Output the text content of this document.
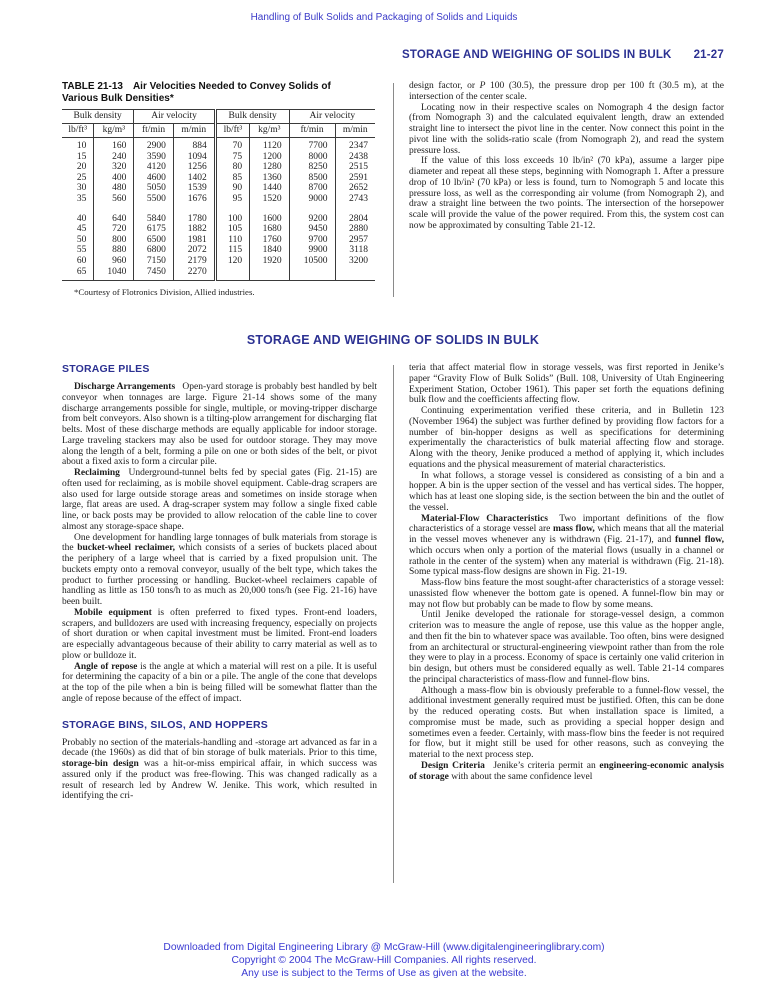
Handling of Bulk Solids and Packaging of Solids and Liquids
STORAGE AND WEIGHING OF SOLIDS IN BULK 21-27
TABLE 21-13 Air Velocities Needed to Convey Solids of Various Bulk Densities*
Bulk density		Air velocity		Bulk density		Air velocity	
lb/ft³	kg/m³	ft/min	m/min	lb/ft³	kg/m³	ft/min	m/min
10	160	2900	884	70	1120	7700	2347
15	240	3590	1094	75	1200	8000	2438
20	320	4120	1256	80	1280	8250	2515
25	400	4600	1402	85	1360	8500	2591
30	480	5050	1539	90	1440	8700	2652
35	560	5500	1676	95	1520	9000	2743
40	640	5840	1780	100	1600	9200	2804
45	720	6175	1882	105	1680	9450	2880
50	800	6500	1981	110	1760	9700	2957
55	880	6800	2072	115	1840	9900	3118
60	960	7150	2179	120	1920	10500	3200
65	1040	7450	2270				
*Courtesy of Flotronics Division, Allied industries.

design factor, or P 100 (30.5), the pressure drop per 100 ft (30.5 m), at the intersection of the center scale.

Locating now in their respective scales on Nomograph 4 the design factor (from Nomograph 3) and the calculated equivalent length, draw an extended straight line to intersect the pivot line in the center. Now connect this point in the pivot line with the solids-ratio scale (from Nomograph 2), and read the system pressure loss.

If the value of this loss exceeds 10 lb/in² (70 kPa), assume a larger pipe diameter and repeat all these steps, beginning with Nomograph 1. After a pressure drop of 10 lb/in² (70 kPa) or less is found, turn to Nomograph 5 and locate this pressure loss, as well as the corresponding air volume (from Nomograph 2), and draw a straight line between the two points. The intersection of the horsepower scale will provide the value of the power required. From this, the system cost can now be approximated by consulting Table 21-12.

STORAGE AND WEIGHING OF SOLIDS IN BULK
STORAGE PILES

Discharge Arrangements  Open-yard storage is probably best handled by belt conveyor when tonnages are large. Figure 21-14 shows some of the many discharge arrangements possible for single, multiple, or moving-tripper discharge from belt conveyors. Also shown is a tilting-plow arrangement for discharging flat belts. Most of these discharge methods are equally applicable for indoor storage. Large traveling stackers may also be used for outdoor storage. They may move along the length of a belt, forming a pile on one or both sides of the belt, or pivot about a fixed axis to form a circular pile.

Reclaiming  Underground-tunnel belts fed by special gates (Fig. 21-15) are often used for reclaiming, as is mobile shovel equipment. Cable-drag scrapers are also used for large outside storage areas and sometimes on inside storage when large, flat areas are used. A drag-scraper system may follow a single fixed cable line, or back posts may be provided to allow relocation of the cable line to cover almost any storage-space shape.

One development for handling large tonnages of bulk materials from storage is the bucket-wheel reclaimer, which consists of a series of buckets placed about the periphery of a large wheel that is carried by a fixed propulsion unit. The buckets empty onto a removal conveyor, usually of the belt type, which takes the product to further processing or handling. Bucket-wheel reclaimers capable of handling as little as 150 tons/h to as much as 20,000 tons/h (see Fig. 21-16) have been built.

Mobile equipment is often preferred to fixed types. Front-end loaders, scrapers, and bulldozers are used with increasing frequency, especially on projects of short duration or when capital investment must be limited. Front-end loaders are especially advantageous because of their ability to carry material as well as to plow or bulldoze it.

Angle of repose is the angle at which a material will rest on a pile. It is useful for determining the capacity of a bin or a pile. The angle of the cone that develops at the top of the pile when a bin is being filled will be somewhat flatter than the angle of repose because of the effect of impact.

STORAGE BINS, SILOS, AND HOPPERS

Probably no section of the materials-handling and -storage art advanced as far in a decade (the 1960s) as did that of bin storage of bulk materials. Prior to this time, storage-bin design was a hit-or-miss empirical affair, in which success was assured only if the product was free-flowing. This was changed radically as a result of research led by Andrew W. Jenike. This work, which resulted in identifying the cri-

teria that affect material flow in storage vessels, was first reported in Jenike’s paper “Gravity Flow of Bulk Solids” (Bull. 108, University of Utah Engineering Experiment Station, October 1961). This paper set forth the equations defining bulk flow and the coefficients affecting flow.

Continuing experimentation verified these criteria, and in Bulletin 123 (November 1964) the subject was further defined by providing flow factors for a number of bin-hopper designs as well as specifications for determining experimentally the characteristics of bulk material affecting flow and storage. Along with the theory, Jenike produced a method of applying it, which includes equations and the physical measurement of material characteristics.

In what follows, a storage vessel is considered as consisting of a bin and a hopper. A bin is the upper section of the vessel and has vertical sides. The hopper, which has at least one sloping side, is the section between the bin and the outlet of the vessel.

Material-Flow Characteristics  Two important definitions of the flow characteristics of a storage vessel are mass flow, which means that all the material in the vessel moves whenever any is withdrawn (Fig. 21-17), and funnel flow, which occurs when only a portion of the material flows (usually in a channel or rathole in the center of the system) when any material is withdrawn (Fig. 21-18). Some typical mass-flow designs are shown in Fig. 21-19.

Mass-flow bins feature the most sought-after characteristics of a storage vessel: unassisted flow whenever the bottom gate is opened. A funnel-flow bin may or may not flow but probably can be made to flow by some means.

Until Jenike developed the rationale for storage-vessel design, a common criterion was to measure the angle of repose, use this value as the hopper angle, and then fit the bin to whatever space was available. Too often, bins were designed from an architectural or structural-engineering viewpoint rather than from the role they were to play in a process. Economy of space is certainly one valid criterion in bin design, but others must be considered equally as well. Table 21-14 compares the principal characteristics of mass-flow and funnel-flow bins.

Although a mass-flow bin is obviously preferable to a funnel-flow vessel, the additional investment generally required must be justified. Often, this can be done by the reduced operating costs. But when installation space is limited, a compromise must be made, such as providing a special hopper design and sometimes even a feeder. Certainly, with mass-flow bins the feeder is not required for flow, but it might still be used for other reasons, such as conveying the material to the next process step.

Design Criteria  Jenike’s criteria permit an engineering-economic analysis of storage with about the same confidence level

Downloaded from Digital Engineering Library @ McGraw-Hill (www.digitalengineeringlibrary.com)
Copyright © 2004 The McGraw-Hill Companies. All rights reserved.
Any use is subject to the Terms of Use as given at the website.
